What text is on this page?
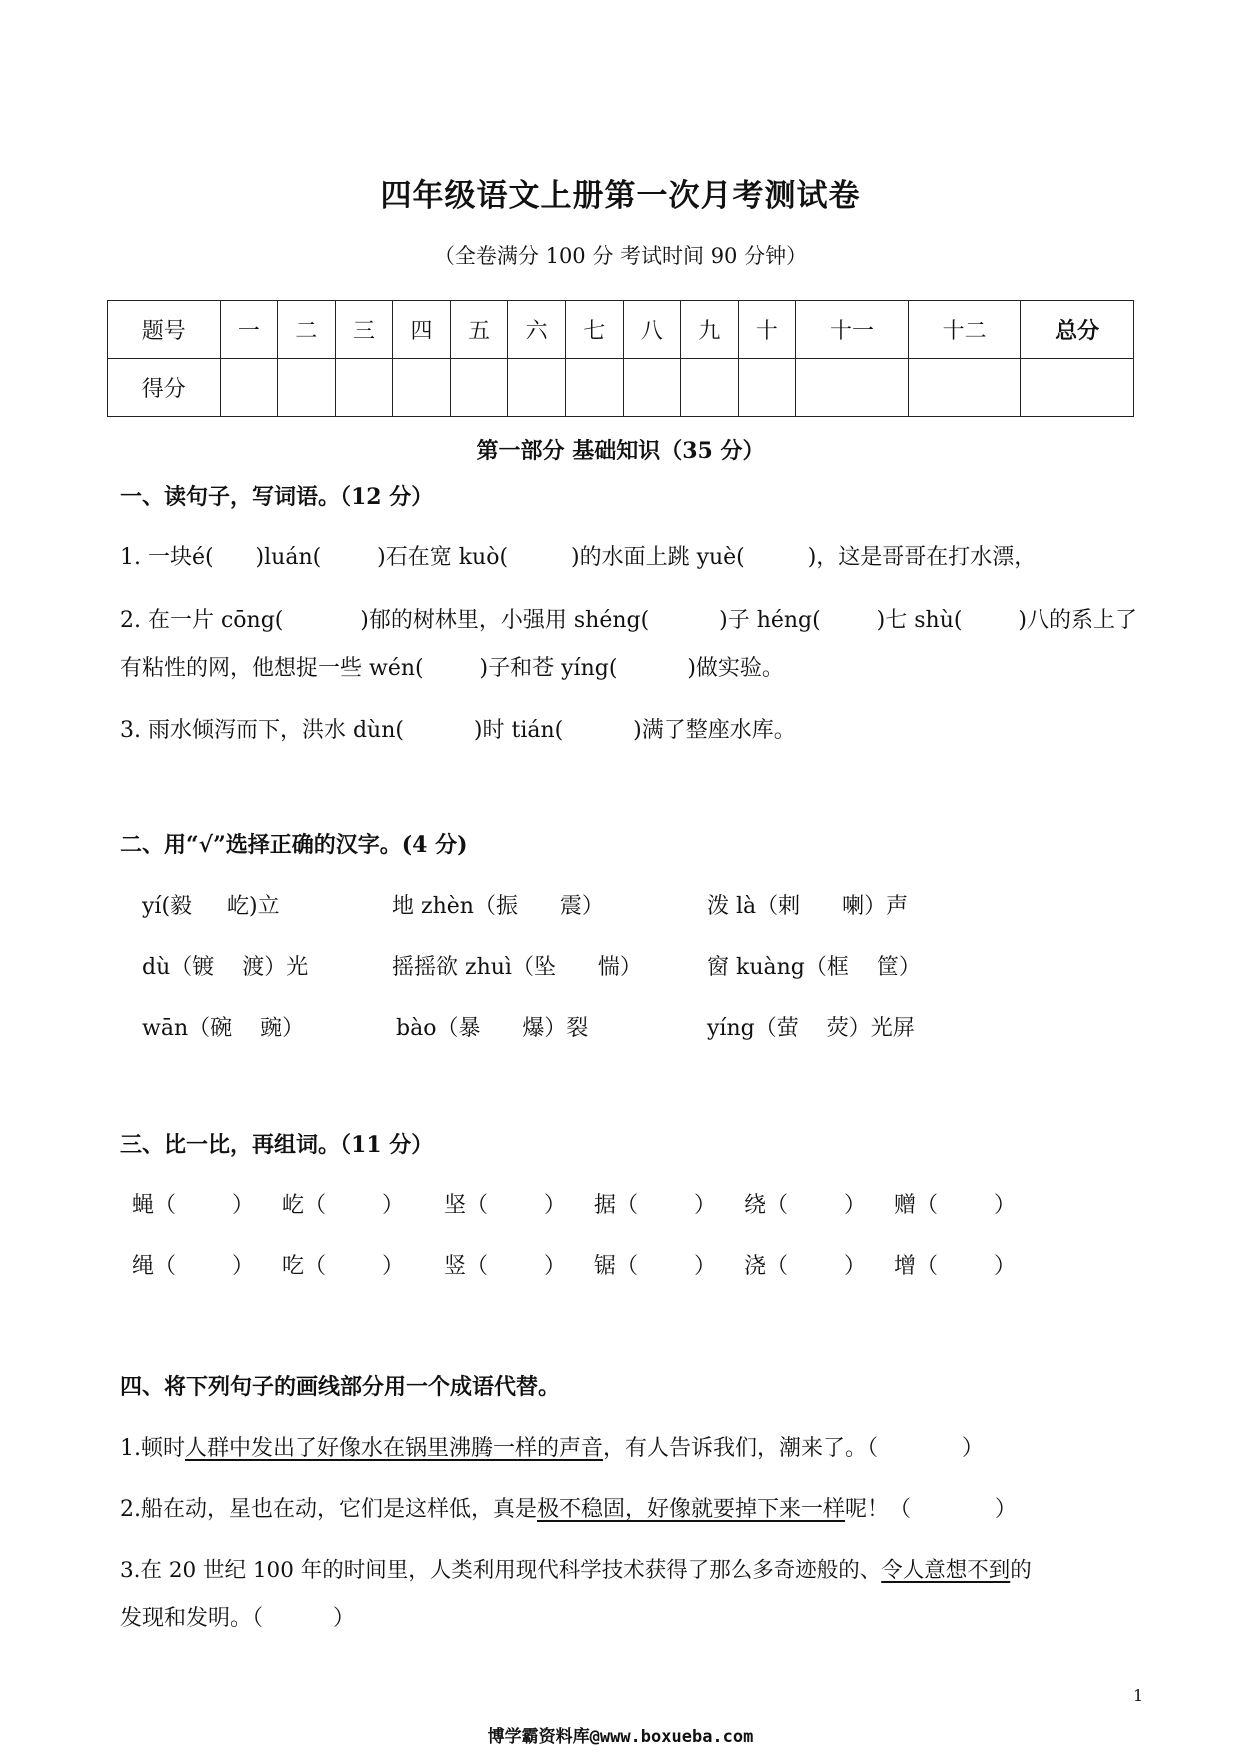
四年级语文上册第一次月考测试卷
（全卷满分 100 分 考试时间 90 分钟）
题号	一	二	三	四	五	六	七	八	九	十	十一	十二	总分
得分													
第一部分 基础知识（35 分）
一、读句子，写词语。（12 分）
1. 一块é(      )luán(        )石在宽 kuò(         )的水面上跳 yuè(         )，这是哥哥在打水漂，
2. 在一片 cōng(           )郁的树林里，小强用 shéng(          )子 héng(        )七 shù(        )八的系上了
有粘性的网，他想捉一些 wén(        )子和苍 yíng(          )做实验。
3. 雨水倾泻而下，洪水 dùn(          )时 tián(          )满了整座水库。
二、用“√”选择正确的汉字。(4 分)
yí(毅     屹)立	地 zhèn（振      震）	泼 là（剌      喇）声
dù（镀    渡）光	摇摇欲 zhuì（坠      惴）	窗 kuàng（框    筐）
wān（碗    豌）	bào（暴      爆）裂	yíng（萤    荧）光屏
三、比一比，再组词。（11 分）
蝇（        ） 屹（        ） 坚（        ） 据（        ） 绕（        ） 赠（        ）
绳（        ） 吃（        ） 竖（        ） 锯（        ） 浇（        ） 增（        ）
四、将下列句子的画线部分用一个成语代替。
1.顿时人群中发出了好像水在锅里沸腾一样的声音，有人告诉我们，潮来了。（            ）
2.船在动，星也在动，它们是这样低，真是极不稳固，好像就要掉下来一样呢！（            ）
3.在 20 世纪 100 年的时间里，人类利用现代科学技术获得了那么多奇迹般的、令人意想不到的
发现和发明。（          ）
1
博学霸资料库@www.boxueba.com
